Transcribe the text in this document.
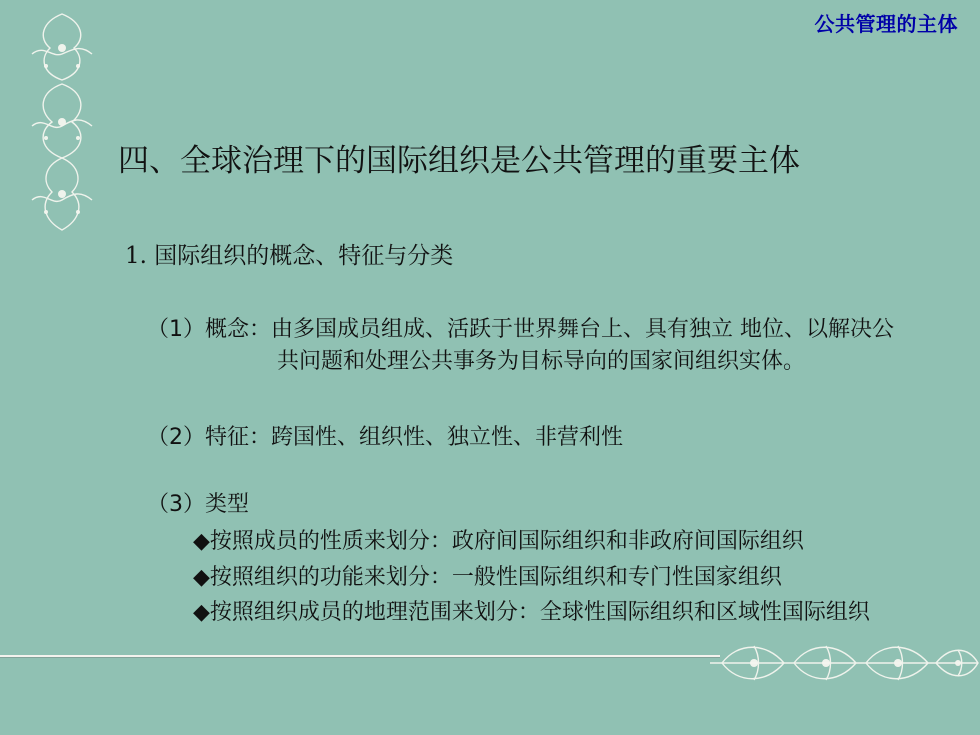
公共管理的主体
四、全球治理下的国际组织是公共管理的重要主体
1. 国际组织的概念、特征与分类
（1）概念：由多国成员组成、活跃于世界舞台上、具有独立 地位、以解决公
共问题和处理公共事务为目标导向的国家间组织实体。
（2）特征：跨国性、组织性、独立性、非营利性
（3）类型
◆按照成员的性质来划分：政府间国际组织和非政府间国际组织
◆按照组织的功能来划分：一般性国际组织和专门性国家组织
◆按照组织成员的地理范围来划分：全球性国际组织和区域性国际组织
